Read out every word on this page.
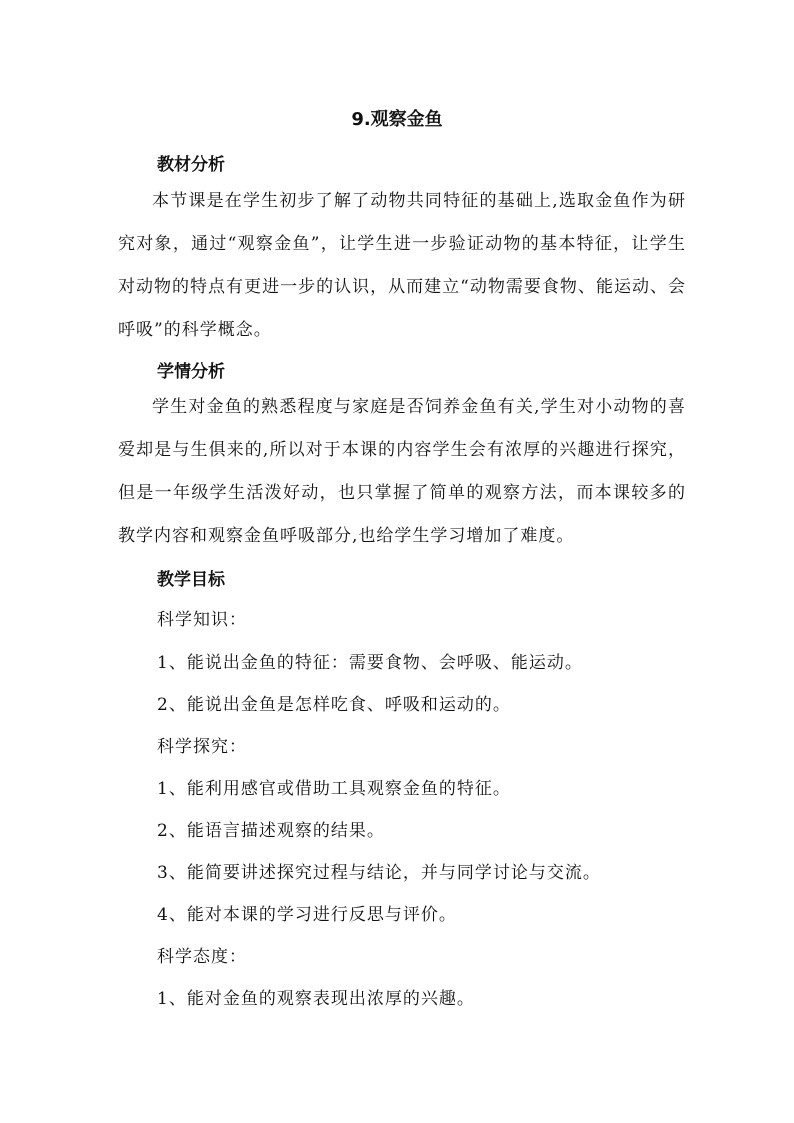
9.观察金鱼
教材分析
本节课是在学生初步了解了动物共同特征的基础上,选取金鱼作为研究对象，通过“观察金鱼”，让学生进一步验证动物的基本特征，让学生对动物的特点有更进一步的认识，从而建立“动物需要食物、能运动、会呼吸”的科学概念。
学情分析
学生对金鱼的熟悉程度与家庭是否饲养金鱼有关,学生对小动物的喜爱却是与生俱来的,所以对于本课的内容学生会有浓厚的兴趣进行探究，但是一年级学生活泼好动，也只掌握了简单的观察方法，而本课较多的教学内容和观察金鱼呼吸部分,也给学生学习增加了难度。
教学目标
科学知识：
1、能说出金鱼的特征：需要食物、会呼吸、能运动。
2、能说出金鱼是怎样吃食、呼吸和运动的。
科学探究：
1、能利用感官或借助工具观察金鱼的特征。
2、能语言描述观察的结果。
3、能简要讲述探究过程与结论，并与同学讨论与交流。
4、能对本课的学习进行反思与评价。
科学态度：
1、能对金鱼的观察表现出浓厚的兴趣。
